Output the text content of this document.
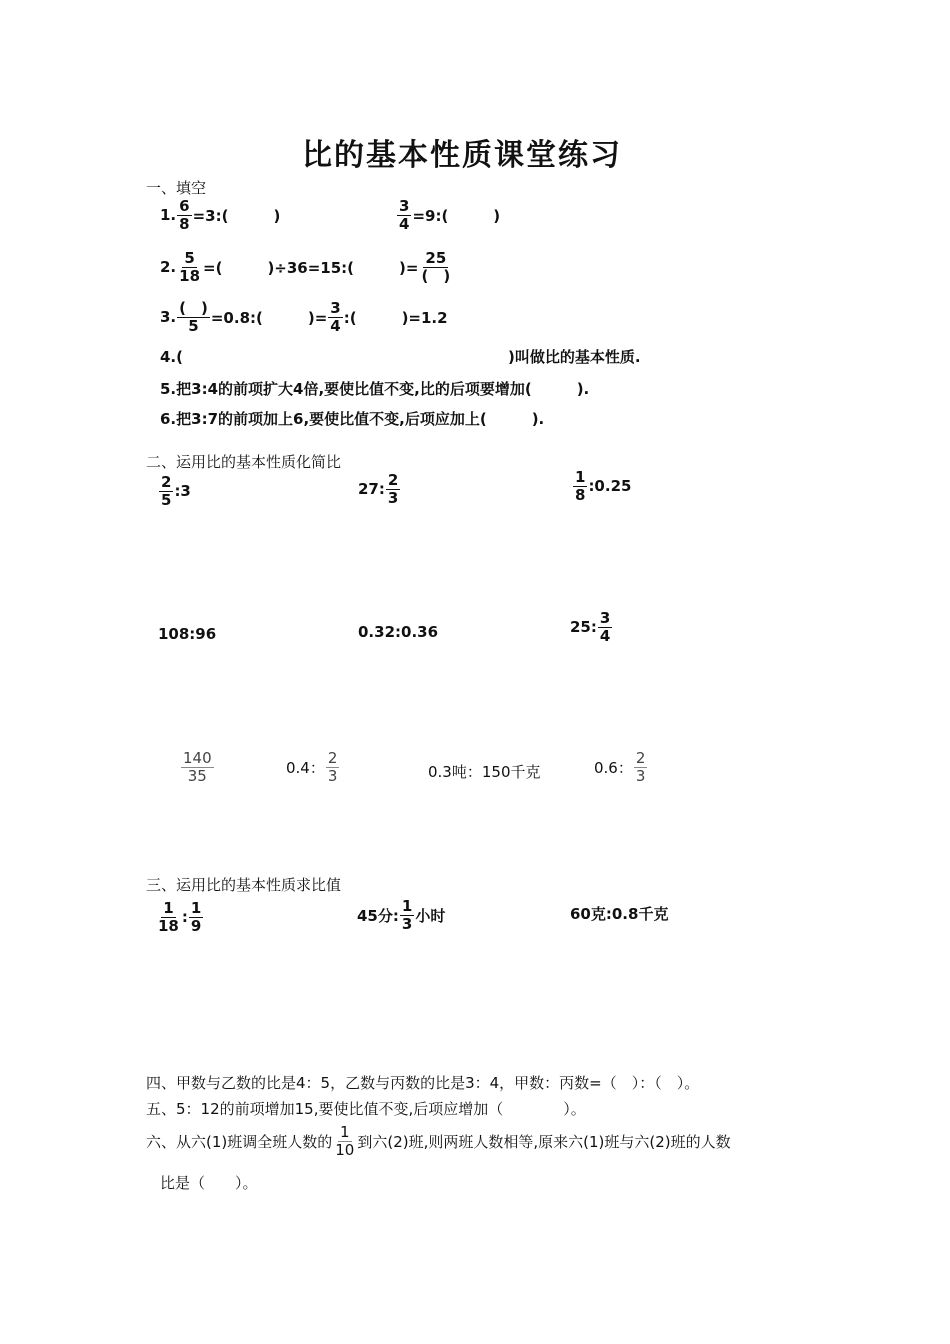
比的基本性质课堂练习
一、填空
1. $\frac{6}{8}$ =3:(　　　)	$\frac{3}{4}$ =9:(　　　)
2. $\frac{5}{18}$ =(　　　)÷36=15:(　　　)= $\frac{25}{( )}$
3. $\frac{( )}{5}$ =0.8:(　　　)= $\frac{3}{4}$ :(　　　)=1.2
4.(	)叫做比的基本性质.
5.把3:4的前项扩大4倍,要使比值不变,比的后项要增加(　　　).
6.把3:7的前项加上6,要使比值不变,后项应加上(　　　).
二、运用比的基本性质化简比
$\frac{2}{5}$ :3	27: $\frac{2}{3}$	$\frac{1}{8}$ :0.25
108:96	0.32:0.36	25: $\frac{3}{4}$
$\frac{140}{35}$	0.4： $\frac{2}{3}$	0.3吨：150千克	0.6： $\frac{2}{3}$
三、运用比的基本性质求比值
$\frac{1}{18}$ : $\frac{1}{9}$	45分: $\frac{1}{3}$ 小时	60克:0.8千克
四、甲数与乙数的比是4：5，乙数与丙数的比是3：4，甲数：丙数=（　）：（　）。
五、5：12的前项增加15,要使比值不变,后项应增加（　　　　）。
六、从六(1)班调全班人数的 $\frac{1}{10}$ 到六(2)班,则两班人数相等,原来六(1)班与六(2)班的人数
比是（　　）。
